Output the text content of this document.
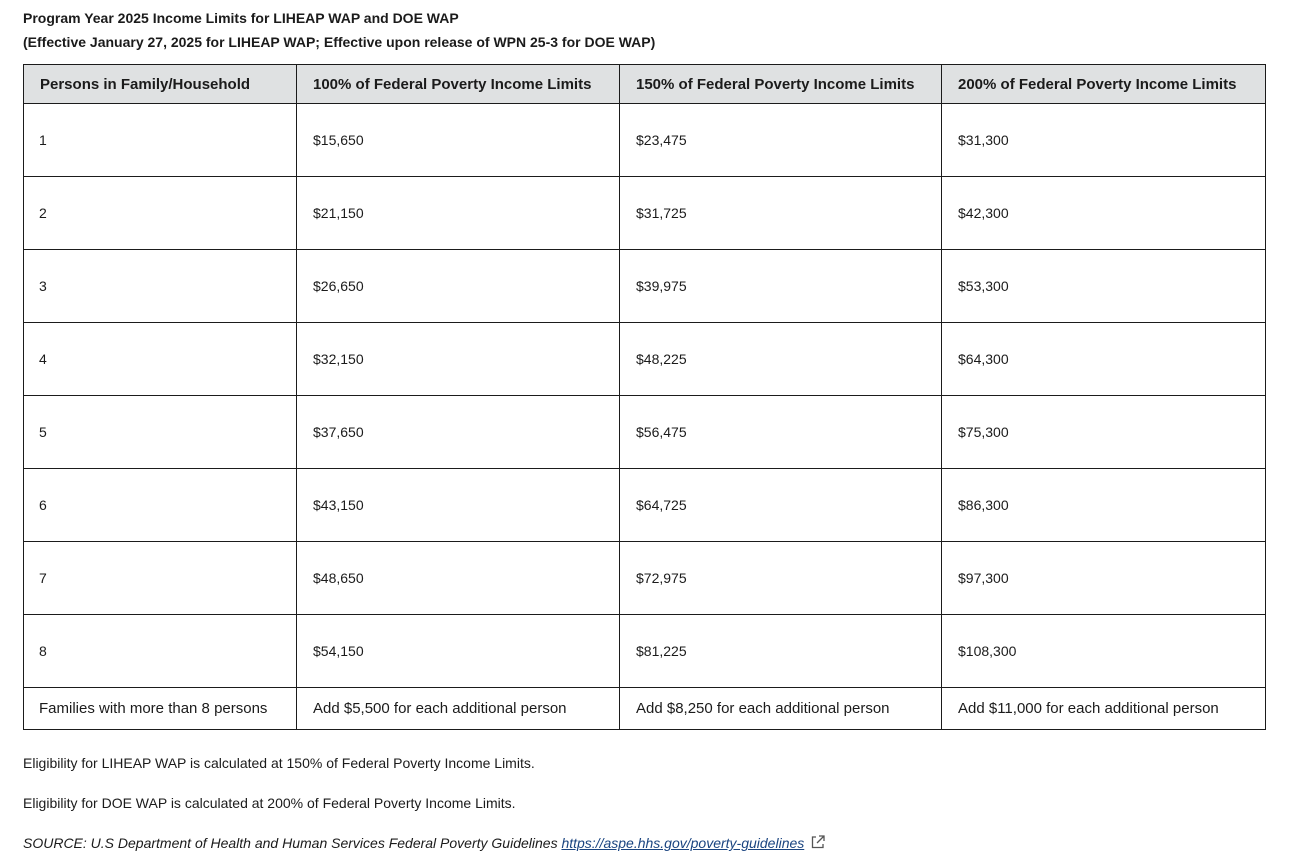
Program Year 2025 Income Limits for LIHEAP WAP and DOE WAP

(Effective January 27, 2025 for LIHEAP WAP; Effective upon release of WPN 25-3 for DOE WAP)

Persons in Family/Household	100% of Federal Poverty Income Limits	150% of Federal Poverty Income Limits	200% of Federal Poverty Income Limits
1	$15,650	$23,475	$31,300
2	$21,150	$31,725	$42,300
3	$26,650	$39,975	$53,300
4	$32,150	$48,225	$64,300
5	$37,650	$56,475	$75,300
6	$43,150	$64,725	$86,300
7	$48,650	$72,975	$97,300
8	$54,150	$81,225	$108,300
Families with more than 8 persons	Add $5,500 for each additional person	Add $8,250 for each additional person	Add $11,000 for each additional person

Eligibility for LIHEAP WAP is calculated at 150% of Federal Poverty Income Limits.

Eligibility for DOE WAP is calculated at 200% of Federal Poverty Income Limits.

SOURCE: U.S Department of Health and Human Services Federal Poverty Guidelines https://aspe.hhs.gov/poverty-guidelines
